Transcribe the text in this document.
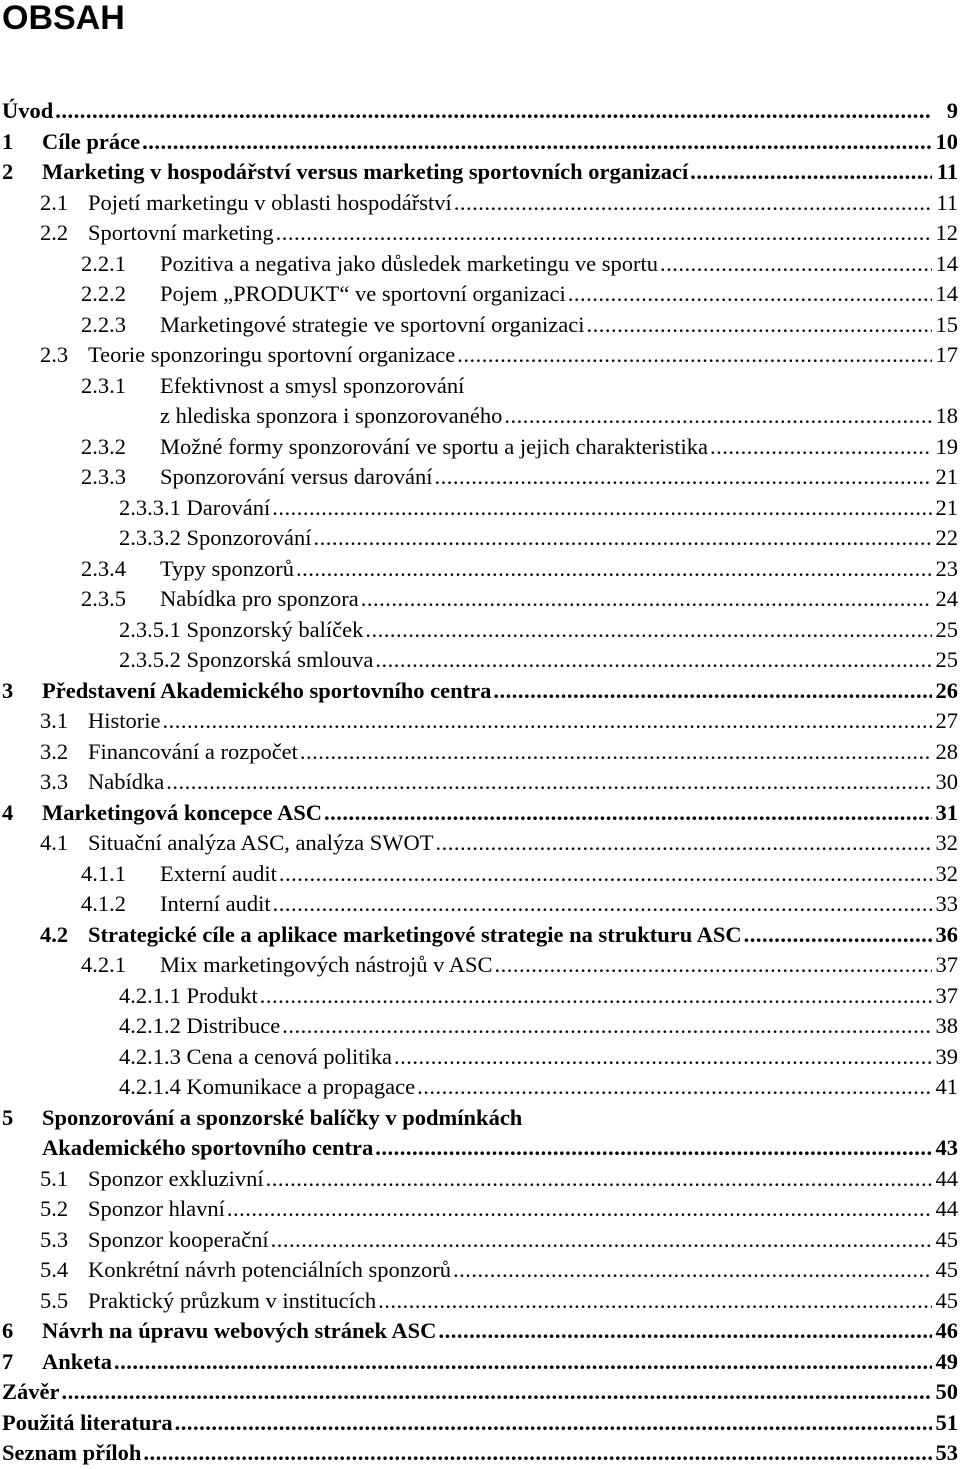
OBSAH
Úvod .....	9
1 Cíle práce .....	10
2 Marketing v hospodářství versus marketing sportovních organizací .....	11
2.1 Pojetí marketingu v oblasti hospodářství .....	11
2.2 Sportovní marketing .....	12
2.2.1 Pozitiva a negativa jako důsledek marketingu ve sportu .....	14
2.2.2 Pojem „PRODUKT“ ve sportovní organizaci .....	14
2.2.3 Marketingové strategie ve sportovní organizaci .....	15
2.3 Teorie sponzoringu sportovní organizace .....	17
2.3.1 Efektivnost a smysl sponzorování
z hlediska sponzora i sponzorovaného .....	18
2.3.2 Možné formy sponzorování ve sportu a jejich charakteristika .....	19
2.3.3 Sponzorování versus darování .....	21
2.3.3.1 Darování .....	21
2.3.3.2 Sponzorování .....	22
2.3.4 Typy sponzorů .....	23
2.3.5 Nabídka pro sponzora .....	24
2.3.5.1 Sponzorský balíček .....	25
2.3.5.2 Sponzorská smlouva .....	25
3 Představení Akademického sportovního centra .....	26
3.1 Historie .....	27
3.2 Financování a rozpočet .....	28
3.3 Nabídka .....	30
4 Marketingová koncepce ASC .....	31
4.1 Situační analýza ASC, analýza SWOT .....	32
4.1.1 Externí audit .....	32
4.1.2 Interní audit .....	33
4.2 Strategické cíle a aplikace marketingové strategie na strukturu ASC .....	36
4.2.1 Mix marketingových nástrojů v ASC .....	37
4.2.1.1 Produkt .....	37
4.2.1.2 Distribuce .....	38
4.2.1.3 Cena a cenová politika .....	39
4.2.1.4 Komunikace a propagace .....	41
5 Sponzorování a sponzorské balíčky v podmínkách
Akademického sportovního centra .....	43
5.1 Sponzor exkluzivní .....	44
5.2 Sponzor hlavní .....	44
5.3 Sponzor kooperační .....	45
5.4 Konkrétní návrh potenciálních sponzorů .....	45
5.5 Praktický průzkum v institucích .....	45
6 Návrh na úpravu webových stránek ASC .....	46
7 Anketa .....	49
Závěr .....	50
Použitá literatura .....	51
Seznam příloh .....	53
